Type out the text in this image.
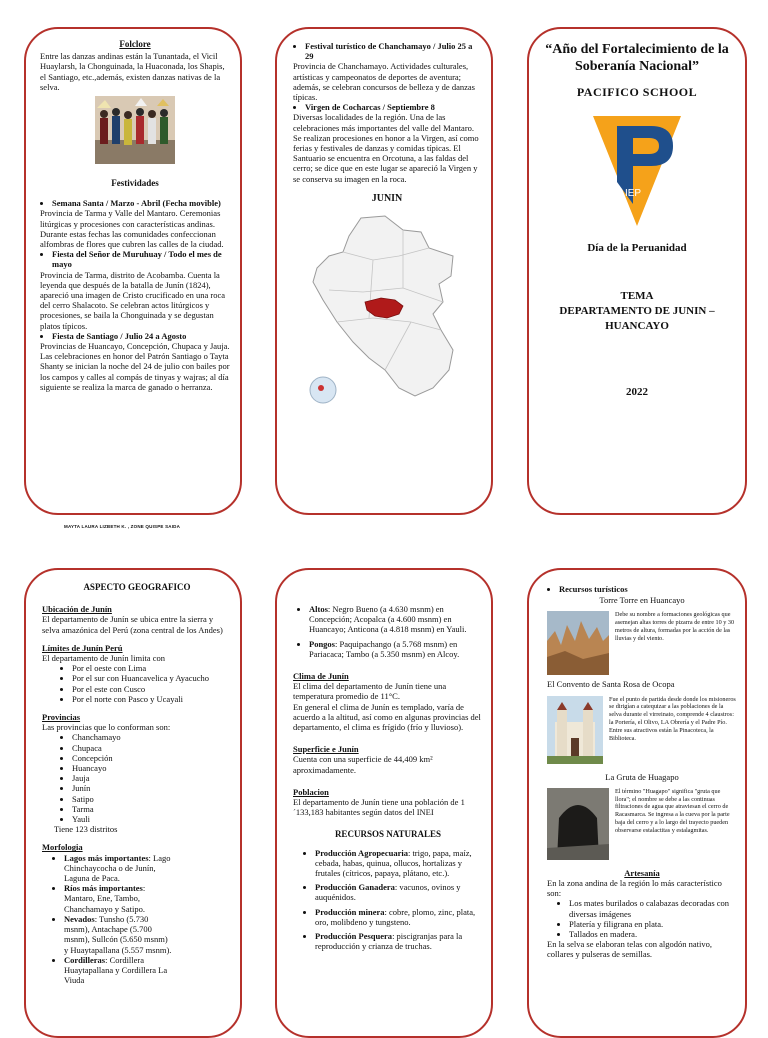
Folclore

Entre las danzas andinas están la Tunantada, el Vicil Huaylarsh, la Chonguinada, la Huaconada, los Shapis, el Santiago, etc.,además, existen danzas nativas de la selva.

Festividades

• Semana Santa / Marzo - Abril (Fecha movible)

Provincia de Tarma y Valle del Mantaro. Ceremonias litúrgicas y procesiones con características andinas. Durante estas fechas las comunidades confeccionan alfombras de flores que cubren las calles de la ciudad.

• Fiesta del Señor de Muruhuay / Todo el mes de mayo

Provincia de Tarma, distrito de Acobamba. Cuenta la leyenda que después de la batalla de Junín (1824), apareció una imagen de Cristo crucificado en una roca del cerro Shalacoto. Se celebran actos litúrgicos y procesiones, se baila la Chonguinada y se degustan platos típicos.

• Fiesta de Santiago / Julio 24 a Agosto

Provincias de Huancayo, Concepción, Chupaca y Jauja. Las celebraciones en honor del Patrón Santiago o Tayta Shanty se inician la noche del 24 de julio con bailes por los campos y calles al compás de tinyas y wajras; al día siguiente se realiza la marca de ganado o herranza.

MAYTA LAURA LIZBETH K. , ZONE QUISPE SAIDA
• Festival turístico de Chanchamayo / Julio 25 a 29

Provincia de Chanchamayo. Actividades culturales, artísticas y campeonatos de deportes de aventura; además, se celebran concursos de belleza y de danzas típicas.

• Virgen de Cocharcas / Septiembre 8

Diversas localidades de la región. Una de las celebraciones más importantes del valle del Mantaro. Se realizan procesiones en honor a la Virgen, así como ferias y festivales de danzas y comidas típicas. El Santuario se encuentra en Orcotuna, a las faldas del cerro; se dice que en este lugar se apareció la Virgen y se conserva su imagen en la roca.

JUNIN

“Año del Fortalecimiento de la Soberanía Nacional”

PACIFICO SCHOOL

IEP

Día de la Peruanidad

TEMA

DEPARTAMENTO DE JUNIN – HUANCAYO

2022

ASPECTO GEOGRAFICO

Ubicación de Junín

El departamento de Junín se ubica entre la sierra y selva amazónica del Perú (zona central de los Andes)

Límites de Junín Perú

El departamento de Junín limita con

• Por el oeste con Lima
• Por el sur con Huancavelica y Ayacucho
• Por el este con Cusco
• Por el norte con Pasco y Ucayali

Provincias

Las provincias que lo conforman son:

• Chanchamayo
• Chupaca
• Concepción
• Huancayo
• Jauja
• Junín
• Satipo
• Tarma
• Yauli

Tiene 123 distritos

Morfologia

• Lagos más importantes: Lago Chinchaycocha o de Junín, Laguna de Paca.
• Ríos más importantes: Mantaro, Ene, Tambo, Chanchamayo y Satipo.
• Nevados: Tunsho (5.730 msnm), Antachape (5.700 msnm), Sullcón (5.650 msnm) y Huaytapallana (5.557 msnm).
• Cordilleras: Cordillera Huaytapallana y Cordillera La Viuda
• Altos: Negro Bueno (a 4.630 msnm) en Concepción; Acopalca (a 4.600 msnm) en Huancayo; Anticona (a 4.818 msnm) en Yauli.
• Pongos: Paquipachango (a 5.768 msnm) en Pariacaca; Tambo (a 5.350 msnm) en Alcoy.

Clima de Junín

El clima del departamento de Junín tiene una temperatura promedio de 11°C.

En general el clima de Junín es templado, varía de acuerdo a la altitud, así como en algunas provincias del departamento, el clima es frígido (frío y lluvioso).

Superficie e Junín

Cuenta con una superficie de 44,409 km² aproximadamente.

Poblacion

El departamento de Junín tiene una población de 1´133,183 habitantes según datos del INEI

RECURSOS NATURALES

• Producción Agropecuaria: trigo, papa, maíz, cebada, habas, quinua, ollucos, hortalizas y frutales (cítricos, papaya, plátano, etc.).
• Producción Ganadera: vacunos, ovinos y auquénidos.
• Producción minera: cobre, plomo, zinc, plata, oro, molibdeno y tungsteno.
• Producción Pesquera: piscigranjas para la reproducción y crianza de truchas.
• Recursos turísticos

Torre Torre en Huancayo

Debe su nombre a formaciones geológicas que asemejan altas torres de pizarra de entre 10 y 30 metros de altura, formadas por la acción de las lluvias y del viento.

El Convento de Santa Rosa de Ocopa

Fue el punto de partida desde donde los misioneros se dirigían a catequizar a las poblaciones de la selva durante el virreinato, comprende 4 claustros: la Portería, el Olivo, LA Obrería y el Padre Pío. Entre sus atractivos están la Pinacoteca, la Biblioteca.

La Gruta de Huagapo

El término "Huagapo" significa "gruta que llora"; el nombre se debe a las continuas filtraciones de agua que atraviesan el cerro de Racasmarca. Se ingresa a la cueva por la parte baja del cerro y a lo largo del trayecto pueden observarse estalactitas y estalagmitas.

Artesanía

En la zona andina de la región lo más característico son:

• Los mates burilados o calabazas decoradas con diversas imágenes
• Platería y filigrana en plata.
• Tallados en madera.

En la selva se elaboran telas con algodón nativo, collares y pulseras de semillas.
